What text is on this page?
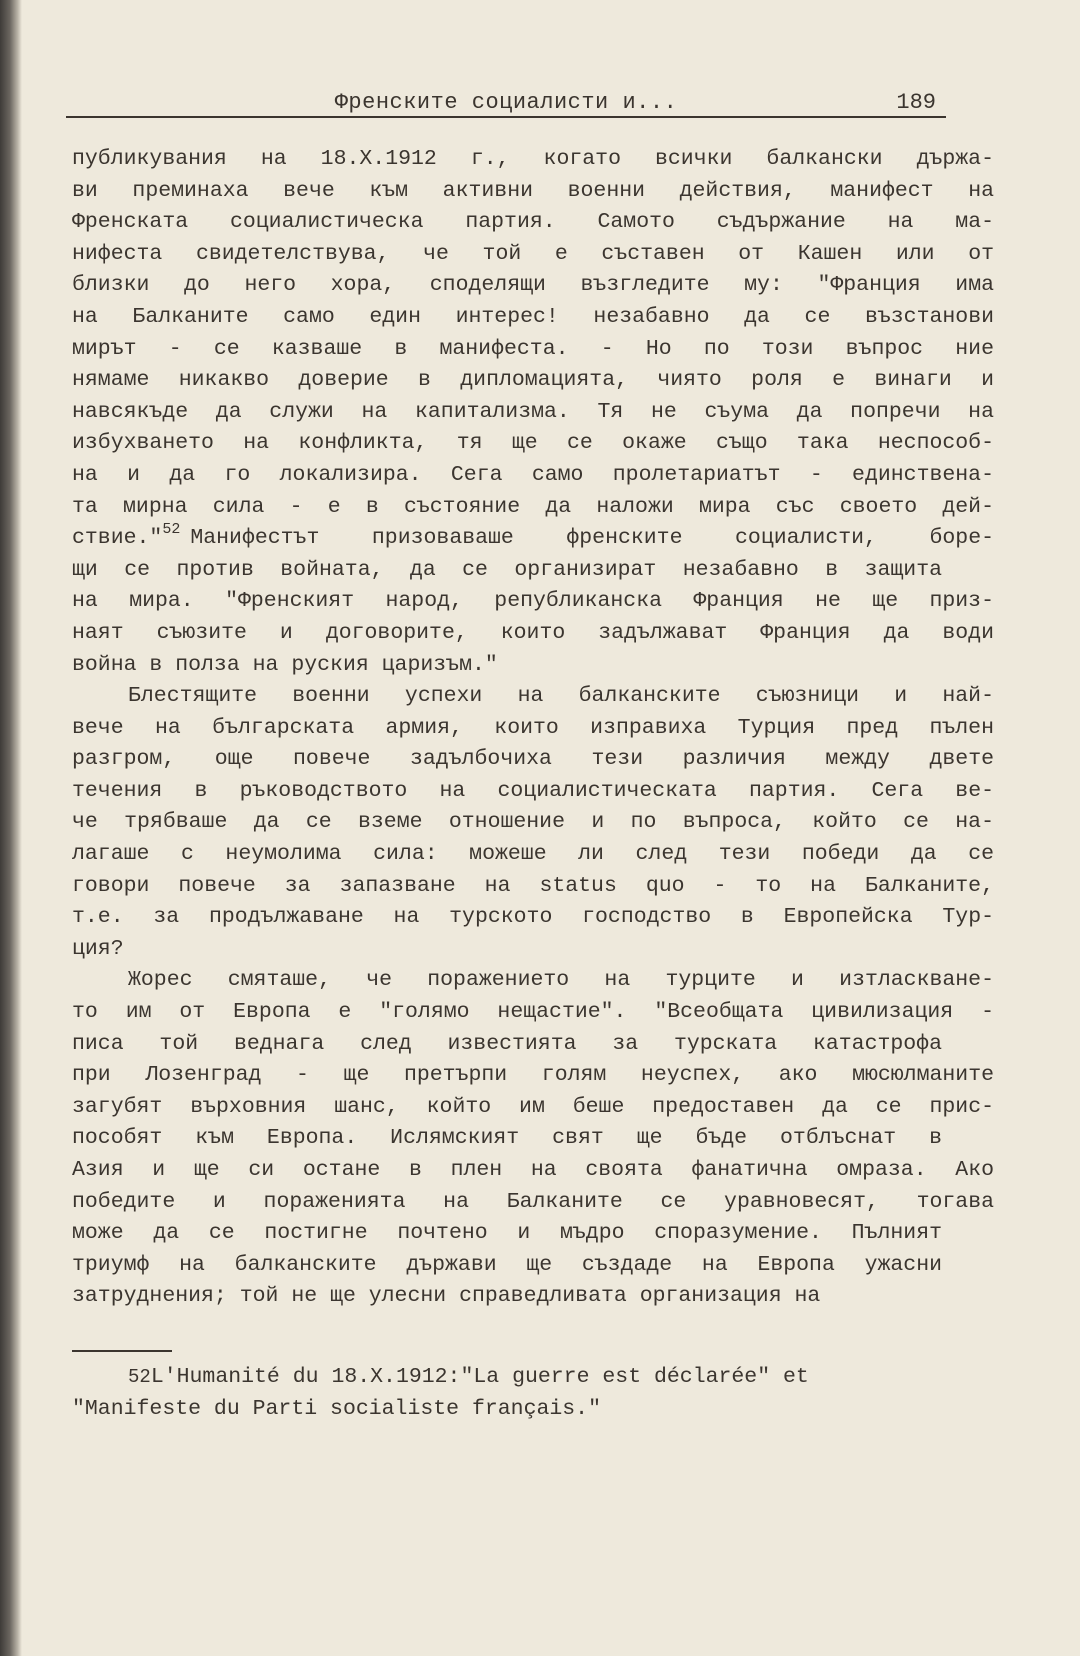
Френските социалисти и...	189
публикувания на 18.X.1912 г., когато всички балкански държа-
ви преминаха вече към активни военни действия, манифест на
Френската социалистическа партия. Самото съдържание на ма-
нифеста свидетелствува, че той е съставен от Кашен или от
близки до него хора, споделящи възгледите му: "Франция има
на Балканите само един интерес! незабавно да се възстанови
мирът - се казваше в манифеста. - Но по този въпрос ние
нямаме никакво доверие в дипломацията, чиято роля е винаги и
навсякъде да служи на капитализма. Тя не съума да попречи на
избухването на конфликта, тя ще се окаже също така неспособ-
на и да го локализира. Сега само пролетариатът - единствена-
та мирна сила - е в състояние да наложи мира със своето дей-
ствие."$^{52}$ Манифестът призоваваше френските социалисти, боре-
щи се против войната, да се организират незабавно в защита
на мира. "Френският народ, републиканска Франция не ще приз-
наят съюзите и договорите, които задължават Франция да води
война в полза на руския царизъм."
Блестящите военни успехи на балканските съюзници и най-
вече на българската армия, които изправиха Турция пред пълен
разгром, още повече задълбочиха тези различия между двете
течения в ръководството на социалистическата партия. Сега ве-
че трябваше да се вземе отношение и по въпроса, който се на-
лагаше с неумолима сила: можеше ли след тези победи да се
говори повече за запазване на status quo - то на Балканите,
т.е. за продължаване на турското господство в Европейска Тур-
ция?
Жорес смяташе, че поражението на турците и изтласкване-
то им от Европа е "голямо нещастие". "Всеобщата цивилизация -
писа той веднага след известията за турската катастрофа
при Лозенград - ще претърпи голям неуспех, ако мюсюлманите
загубят върховния шанс, който им беше предоставен да се прис-
пособят към Европа. Ислямският свят ще бъде отблъснат в
Азия и ще си остане в плен на своята фанатична омраза. Ако
победите и пораженията на Балканите се уравновесят, тогава
може да се постигне почтено и мъдро споразумение. Пълният
триумф на балканските държави ще създаде на Европа ужасни
затруднения; той не ще улесни справедливата организация на
52L'Humanité du 18.X.1912:"La guerre est déclarée" et
"Manifeste du Parti socialiste français."
